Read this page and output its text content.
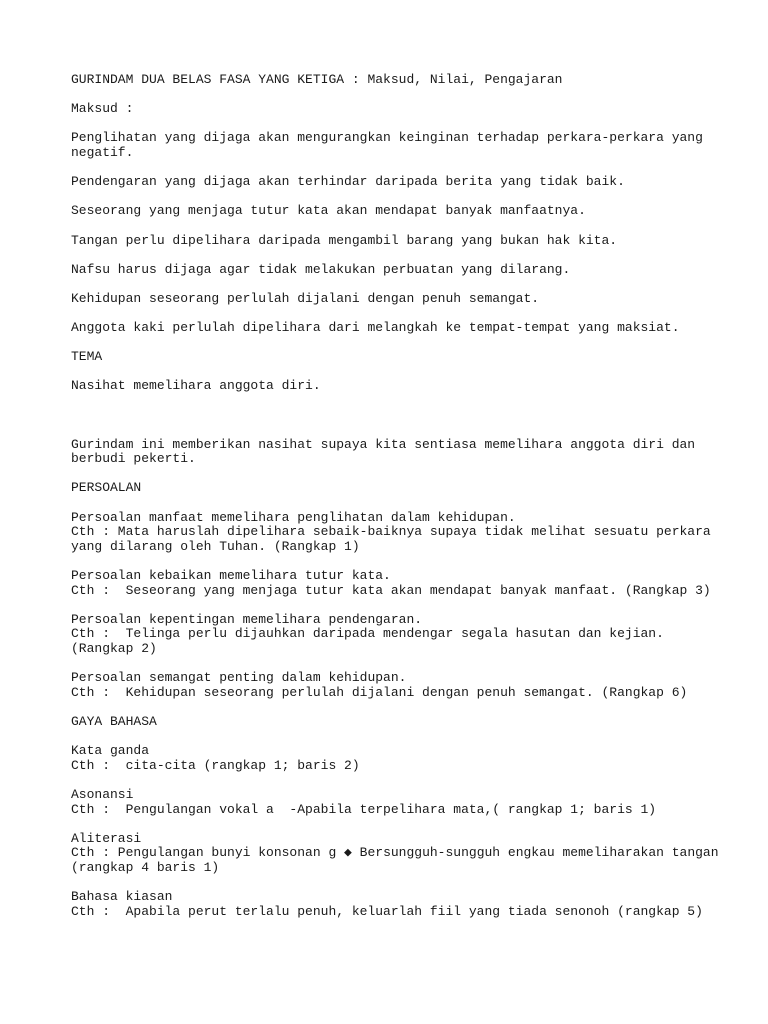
GURINDAM DUA BELAS FASA YANG KETIGA : Maksud, Nilai, Pengajaran
Maksud :
Penglihatan yang dijaga akan mengurangkan keinginan terhadap perkara-perkara yang
negatif.
Pendengaran yang dijaga akan terhindar daripada berita yang tidak baik.
Seseorang yang menjaga tutur kata akan mendapat banyak manfaatnya.
Tangan perlu dipelihara daripada mengambil barang yang bukan hak kita.
Nafsu harus dijaga agar tidak melakukan perbuatan yang dilarang.
Kehidupan seseorang perlulah dijalani dengan penuh semangat.
Anggota kaki perlulah dipelihara dari melangkah ke tempat-tempat yang maksiat.
TEMA
Nasihat memelihara anggota diri.
Gurindam ini memberikan nasihat supaya kita sentiasa memelihara anggota diri dan
berbudi pekerti.
PERSOALAN
Persoalan manfaat memelihara penglihatan dalam kehidupan.
Cth : Mata haruslah dipelihara sebaik-baiknya supaya tidak melihat sesuatu perkara
yang dilarang oleh Tuhan. (Rangkap 1)
Persoalan kebaikan memelihara tutur kata.
Cth :  Seseorang yang menjaga tutur kata akan mendapat banyak manfaat. (Rangkap 3)
Persoalan kepentingan memelihara pendengaran.
Cth :  Telinga perlu dijauhkan daripada mendengar segala hasutan dan kejian.
(Rangkap 2)
Persoalan semangat penting dalam kehidupan.
Cth :  Kehidupan seseorang perlulah dijalani dengan penuh semangat. (Rangkap 6)
GAYA BAHASA
Kata ganda
Cth :  cita-cita (rangkap 1; baris 2)
Asonansi
Cth :  Pengulangan vokal a  -Apabila terpelihara mata,( rangkap 1; baris 1)
Aliterasi
Cth : Pengulangan bunyi konsonan g ◆ Bersungguh-sungguh engkau memeliharakan tangan
(rangkap 4 baris 1)
Bahasa kiasan
Cth :  Apabila perut terlalu penuh, keluarlah fiil yang tiada senonoh (rangkap 5)
